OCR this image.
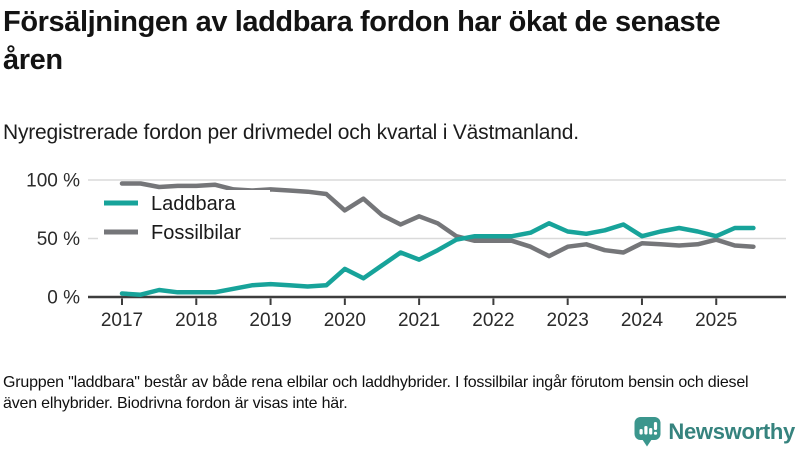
Försäljningen av laddbara fordon har ökat de senaste åren
Nyregistrerade fordon per drivmedel och kvartal i Västmanland.
0 %
50 %
100 %
2017 2018 2019 2020 2021 2022 2023 2024 2025
Laddbara
Fossilbilar
Gruppen "laddbara" består av både rena elbilar och laddhybrider. I fossilbilar ingår förutom bensin och diesel även elhybrider. Biodrivna fordon är visas inte här.
Newsworthy
